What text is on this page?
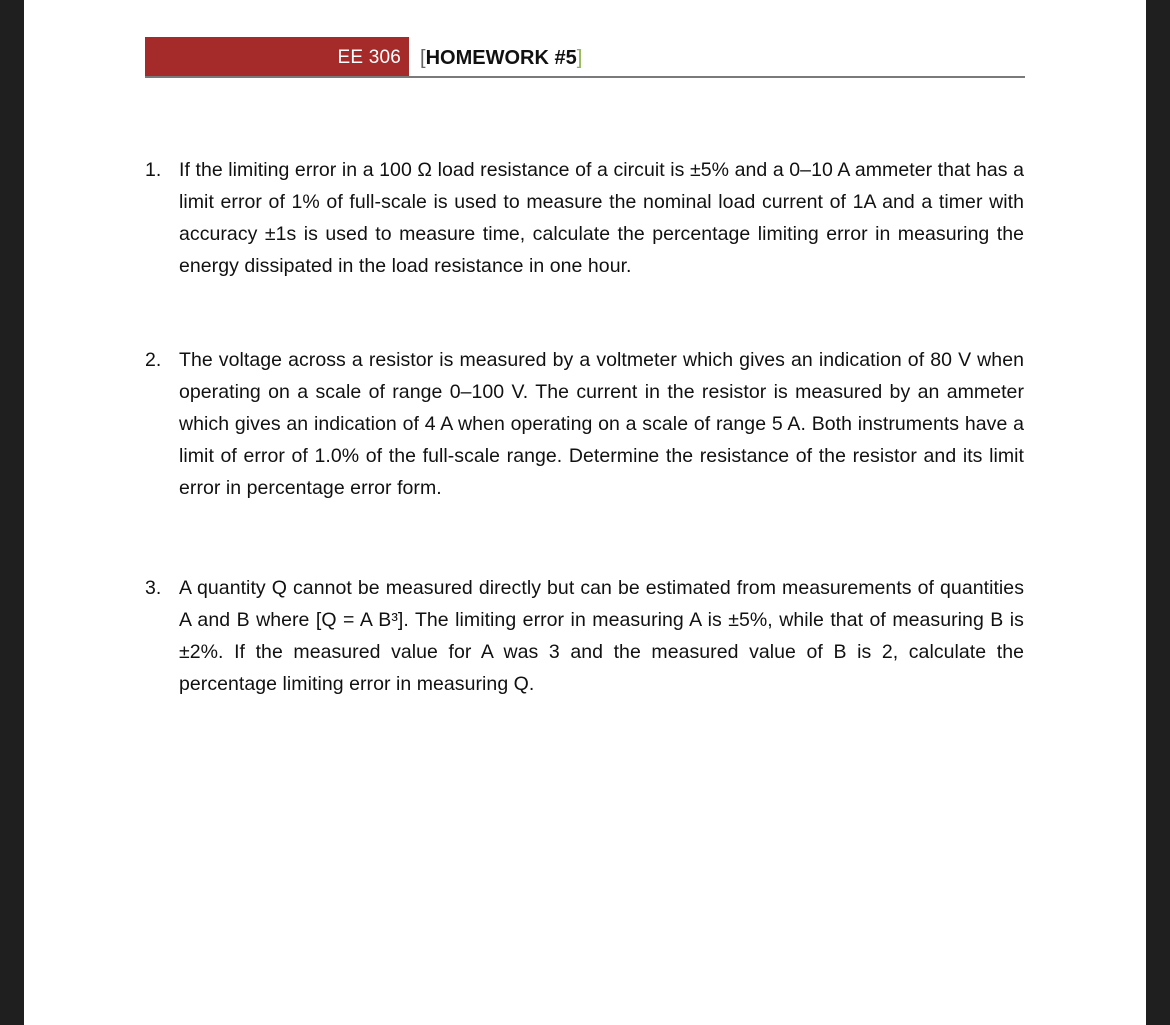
EE 306 [HOMEWORK #5]
1. If the limiting error in a 100 Ω load resistance of a circuit is ±5% and a 0–10 A ammeter that has a limit error of 1% of full-scale is used to measure the nominal load current of 1A and a timer with accuracy ±1s is used to measure time, calculate the percentage limiting error in measuring the energy dissipated in the load resistance in one hour.
2. The voltage across a resistor is measured by a voltmeter which gives an indication of 80 V when operating on a scale of range 0–100 V. The current in the resistor is measured by an ammeter which gives an indication of 4 A when operating on a scale of range 5 A. Both instruments have a limit of error of 1.0% of the full-scale range. Determine the resistance of the resistor and its limit error in percentage error form.
3. A quantity Q cannot be measured directly but can be estimated from measurements of quantities A and B where [Q = A B³]. The limiting error in measuring A is ±5%, while that of measuring B is ±2%. If the measured value for A was 3 and the measured value of B is 2, calculate the percentage limiting error in measuring Q.
